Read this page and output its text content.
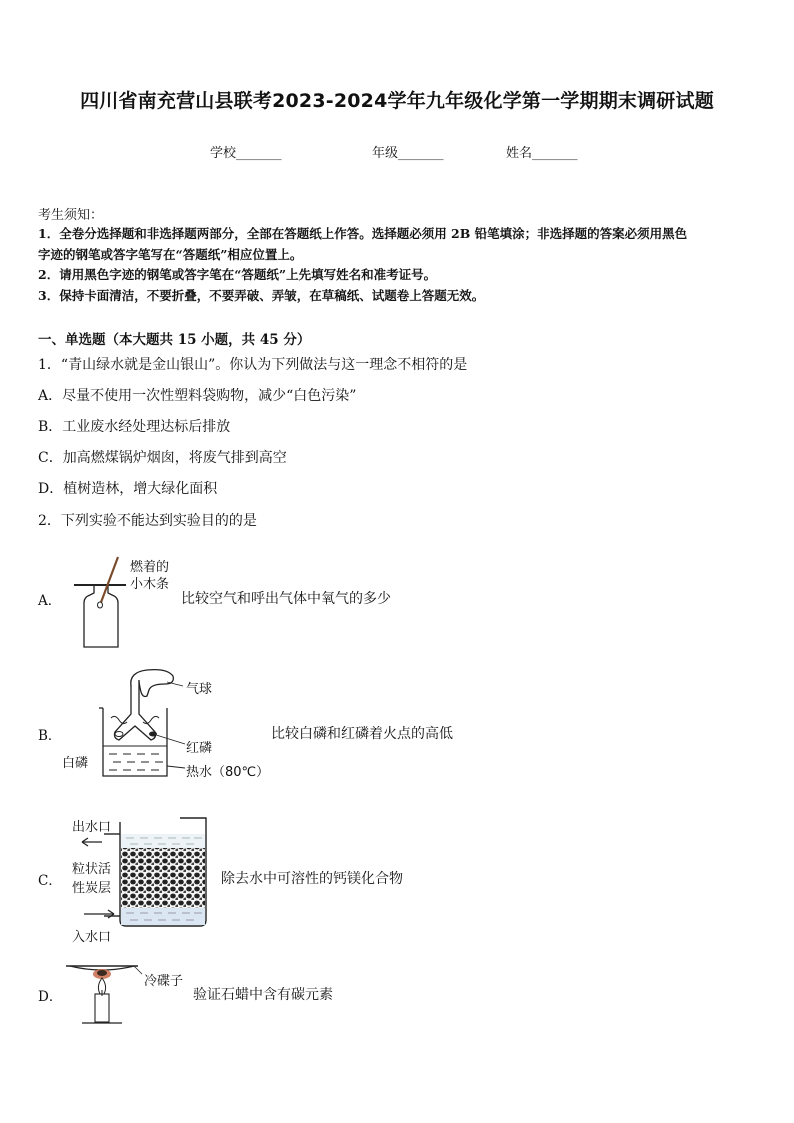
四川省南充营山县联考2023-2024学年九年级化学第一学期期末调研试题
学校_______	年级_______	姓名_______
考生须知：
1．全卷分选择题和非选择题两部分，全部在答题纸上作答。选择题必须用 2B 铅笔填涂；非选择题的答案必须用黑色
字迹的钢笔或答字笔写在“答题纸”相应位置上。
2．请用黑色字迹的钢笔或答字笔在“答题纸”上先填写姓名和准考证号。
3．保持卡面清洁，不要折叠，不要弄破、弄皱，在草稿纸、试题卷上答题无效。
一、单选题（本大题共 15 小题，共 45 分）
1．“青山绿水就是金山银山”。你认为下列做法与这一理念不相符的是
A．尽量不使用一次性塑料袋购物，减少“白色污染”
B．工业废水经处理达标后排放
C．加高燃煤锅炉烟囱，将废气排到高空
D．植树造林，增大绿化面积
2．下列实验不能达到实验目的的是
A．
燃着的
小木条
比较空气和呼出气体中氧气的多少
B．
气球
红磷
白磷
热水（80℃）
比较白磷和红磷着火点的高低
C．
出水口
粒状活
性炭层
入水口
除去水中可溶性的钙镁化合物
D．
冷碟子
验证石蜡中含有碳元素
